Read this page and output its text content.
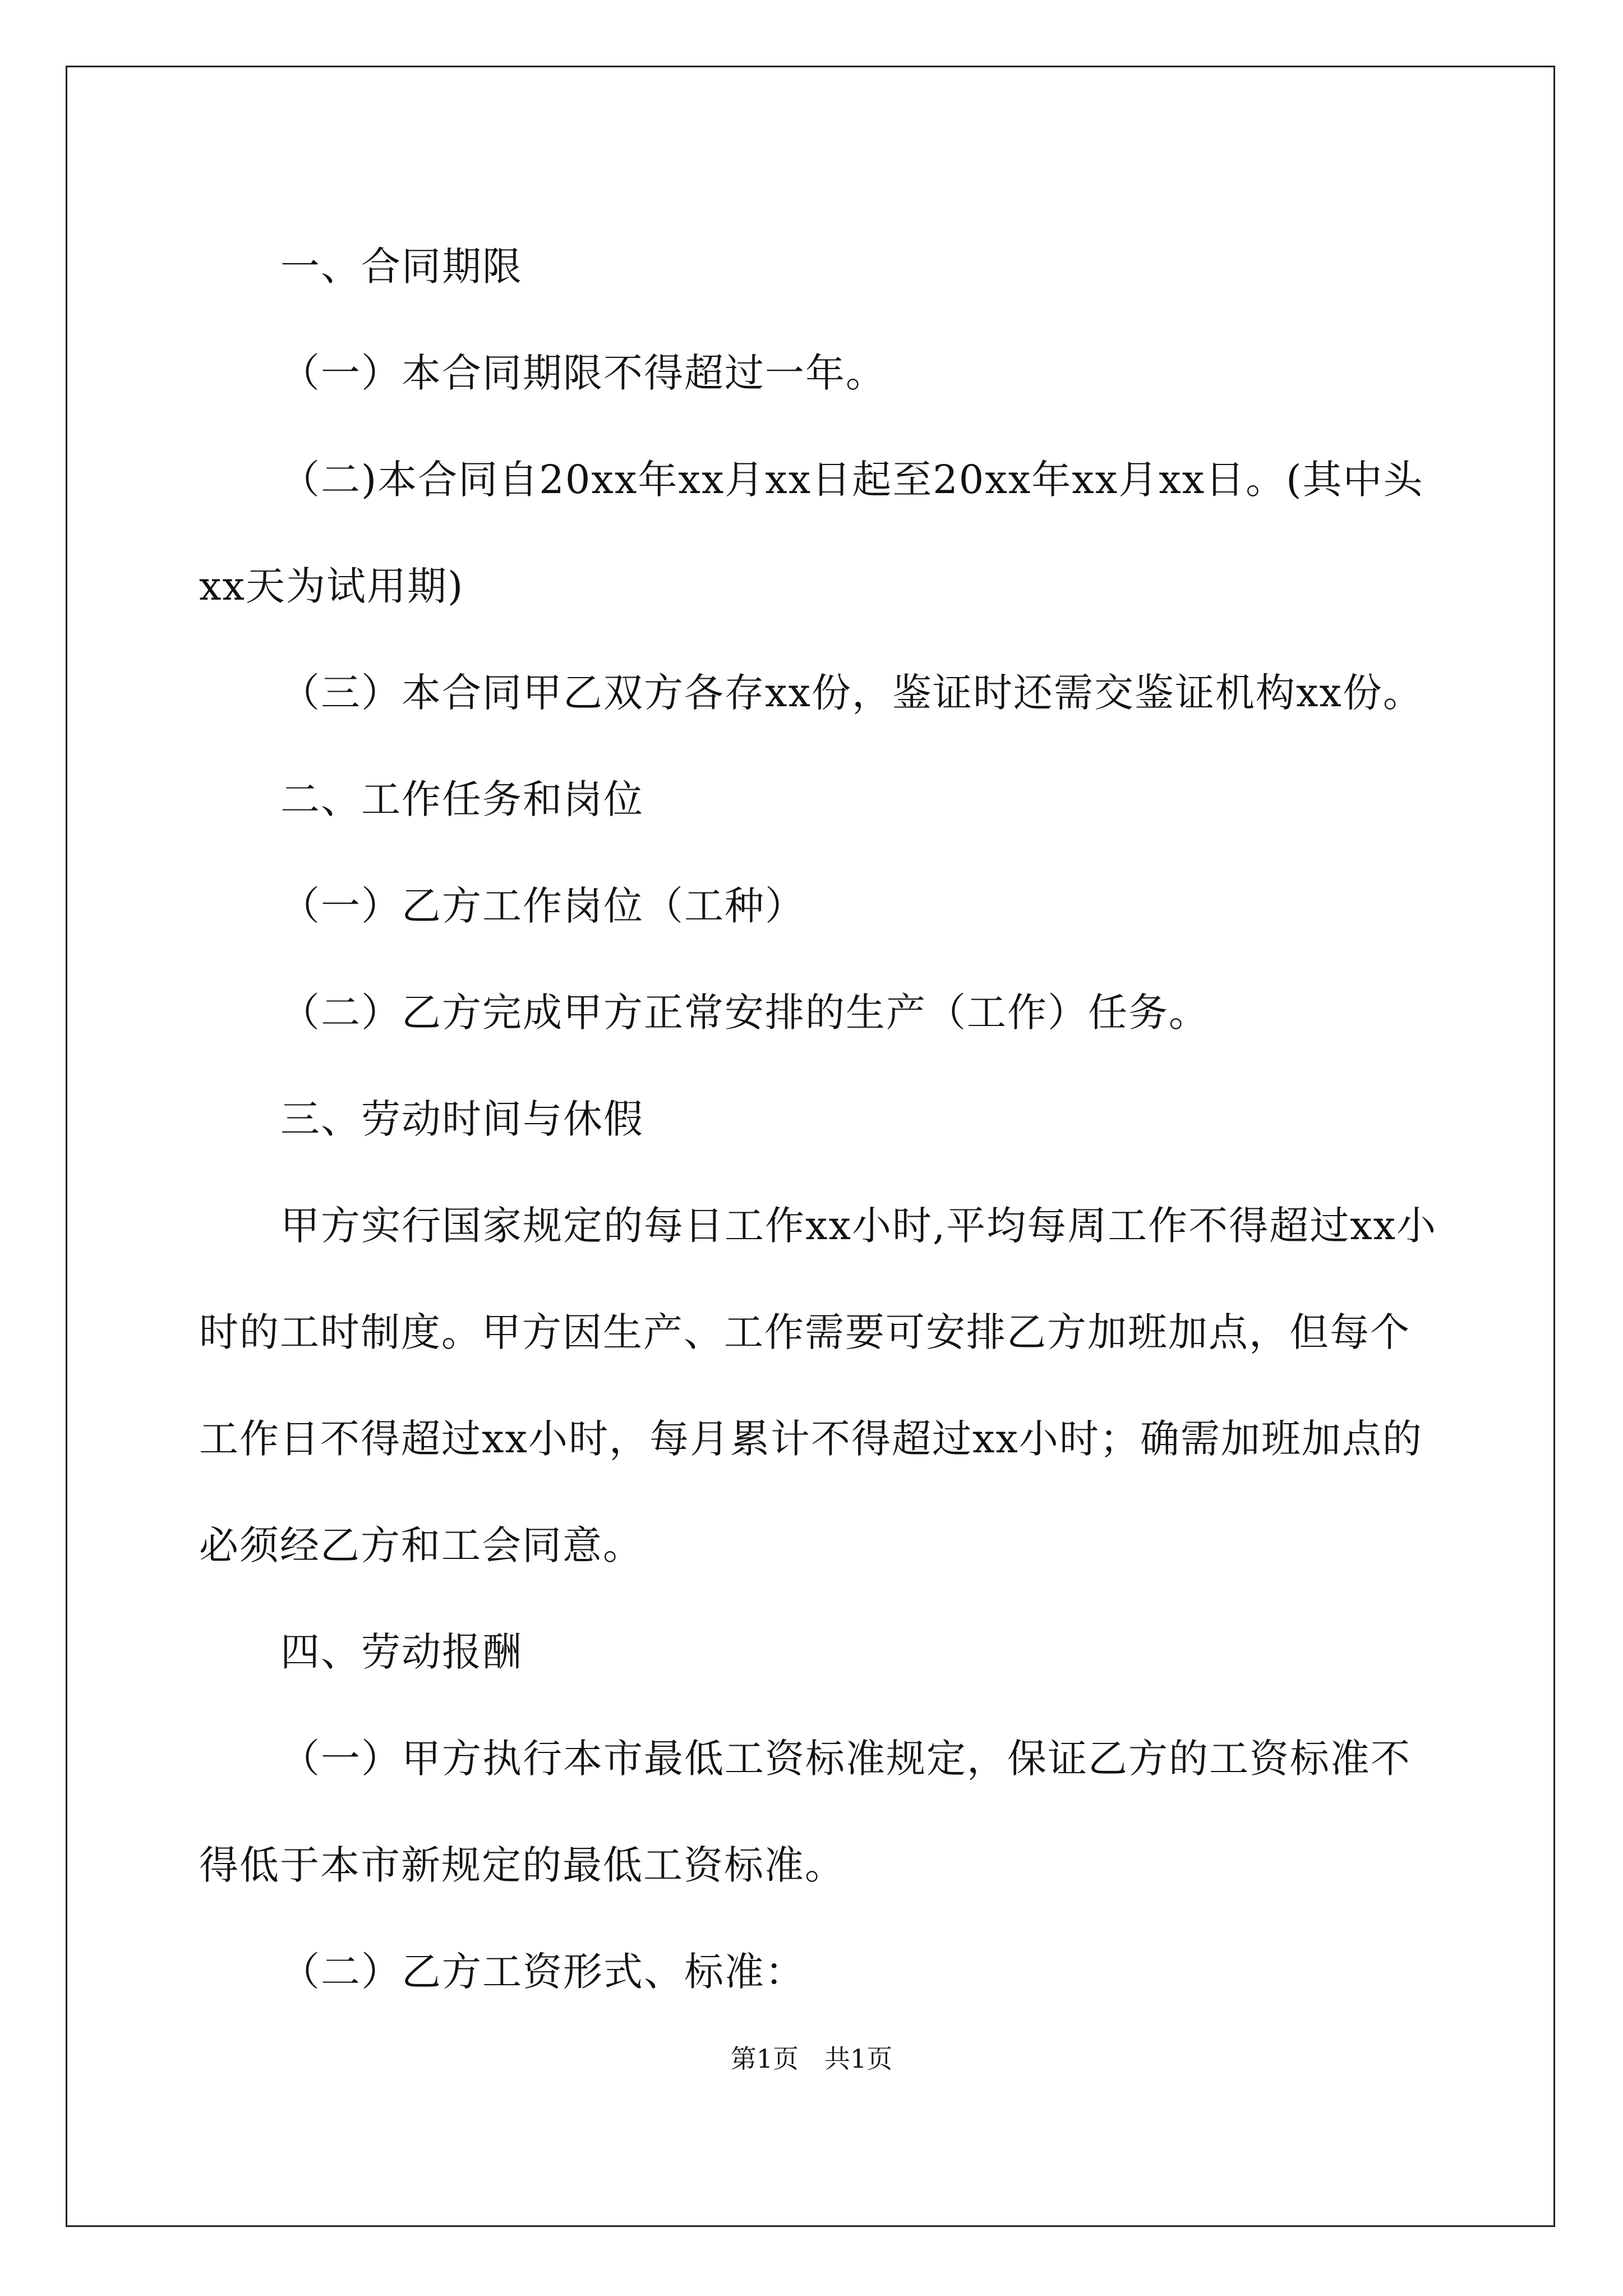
一、合同期限

（一）本合同期限不得超过一年。

（二)本合同自20xx年xx月xx日起至20xx年xx月xx日。(其中头xx天为试用期)

（三）本合同甲乙双方各存xx份，鉴证时还需交鉴证机构xx份。

二、工作任务和岗位

（一）乙方工作岗位（工种）

（二）乙方完成甲方正常安排的生产（工作）任务。

三、劳动时间与休假

甲方实行国家规定的每日工作xx小时,平均每周工作不得超过xx小时的工时制度。甲方因生产、工作需要可安排乙方加班加点，但每个工作日不得超过xx小时，每月累计不得超过xx小时；确需加班加点的必须经乙方和工会同意。

四、劳动报酬

（一）甲方执行本市最低工资标准规定，保证乙方的工资标准不得低于本市新规定的最低工资标准。

（二）乙方工资形式、标准：

第1页　共1页
